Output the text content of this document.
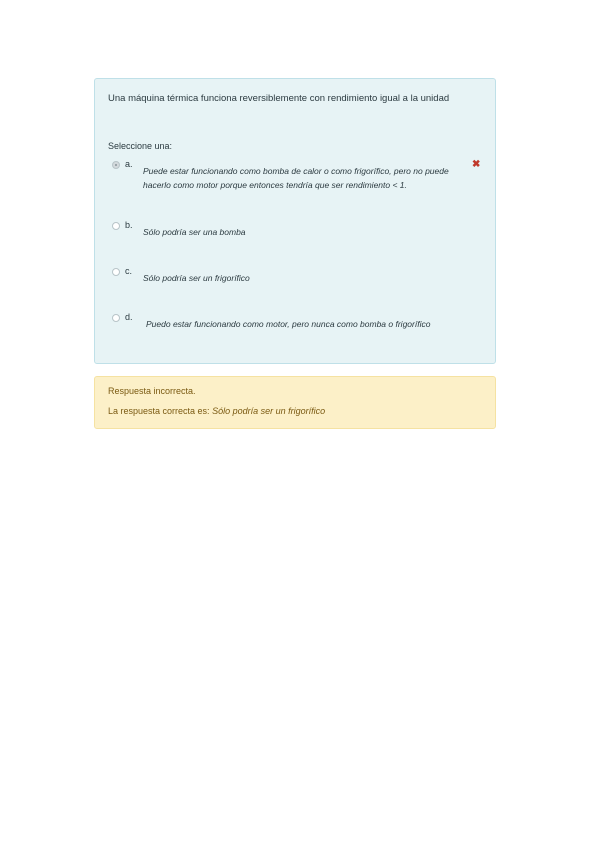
Una máquina térmica funciona reversiblemente con rendimiento igual a la unidad
Seleccione una:
a.
Puede estar funcionando como bomba de calor o como frigorífico, pero no puede hacerlo como motor porque entonces tendría que ser rendimiento < 1.
b.
Sólo podría ser una bomba
c.
Sólo podría ser un frigorífico
d.
Puedo estar funcionando como motor, pero nunca como bomba o frigorífico
✖
Respuesta incorrecta.
La respuesta correcta es: Sólo podría ser un frigorífico
